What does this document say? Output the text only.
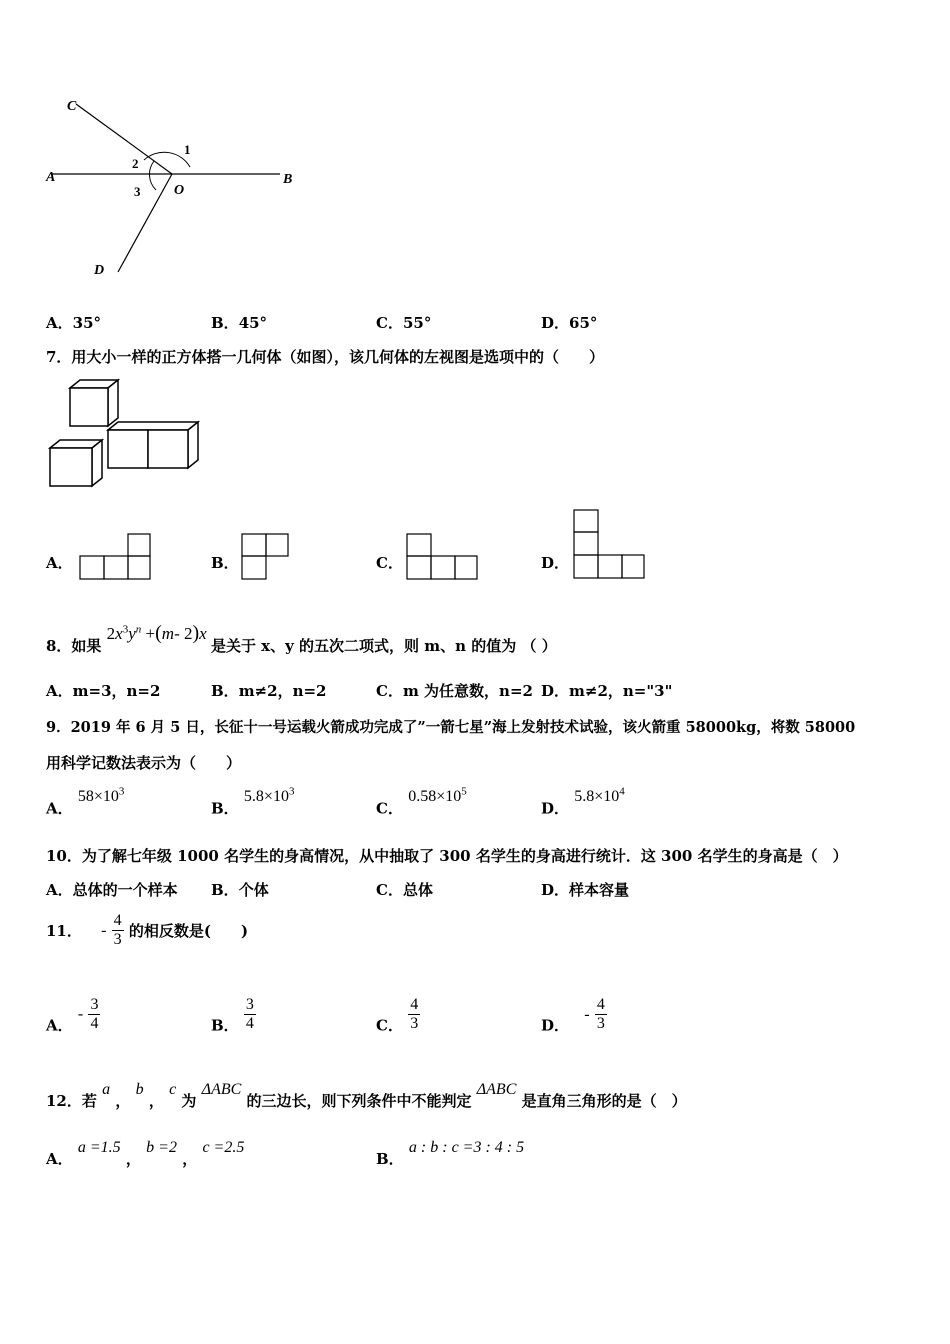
C
A	B
O
D
1
2
3
A．35°	B．45°	C．55°	D．65°
7．用大小一样的正方体搭一几何体（如图），该几何体的左视图是选项中的（　　）
A．	B．	C．	D．
8．如果 $2x^3y^n +(m-$ 2)x 是关于 x、y 的五次二项式，则 m、n 的值为 （ ）
A．m=3，n=2	B．m≠2，n=2	C．m 为任意数，n=2 D．m≠2，n="3"
9．2019 年 6 月 5 日，长征十一号运载火箭成功完成了”一箭七星”海上发射技术试验，该火箭重 58000kg，将数 58000
用科学记数法表示为（　　）
A． $58\times 10^3$
B． $5.8\times 10^3$
C． $0.58\times 10^5$
D． $5.8\times 10^4$
10．为了解七年级 1000 名学生的身高情况，从中抽取了 300 名学生的身高进行统计．这 300 名学生的身高是（　）
A．总体的一个样本 B．个体	C．总体	D．样本容量
11． - $\frac{4}{3}$ 的相反数是(　　)
A． - $\frac{3}{4}$	B． $\frac{3}{4}$	C． $\frac{4}{3}$	D． - $\frac{4}{3}$
12．若 a ， b ， c 为 ΔABC 的三边长，则下列条件中不能判定 ΔABC 是直角三角形的是（　）
A． a =1.5 ， b =2 ， c =2.5
B． a : b : c =3 : 4 : 5
